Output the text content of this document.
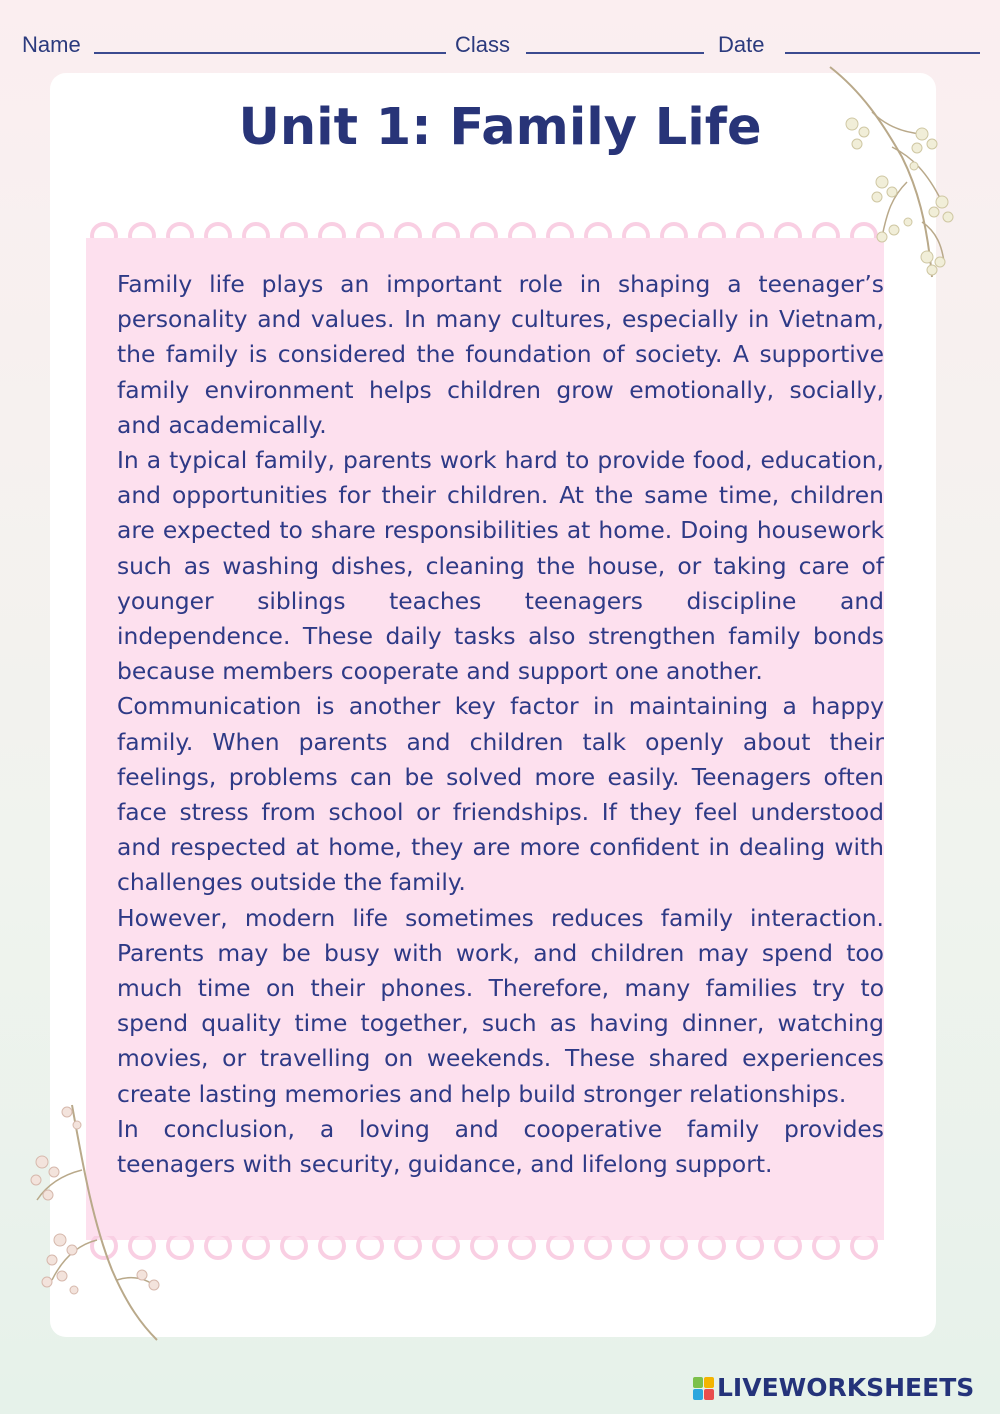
Name	Class	Date
Unit 1: Family Life

Family life plays an important role in shaping a teenager’s personality and values. In many cultures, especially in Vietnam, the family is considered the foundation of society. A supportive family environment helps children grow emotionally, socially, and academically.

In a typical family, parents work hard to provide food, education, and opportunities for their children. At the same time, children are expected to share responsibilities at home. Doing housework such as washing dishes, cleaning the house, or taking care of younger siblings teaches teenagers discipline and independence. These daily tasks also strengthen family bonds because members cooperate and support one another.

Communication is another key factor in maintaining a happy family. When parents and children talk openly about their feelings, problems can be solved more easily. Teenagers often face stress from school or friendships. If they feel understood and respected at home, they are more confident in dealing with challenges outside the family.

However, modern life sometimes reduces family interaction. Parents may be busy with work, and children may spend too much time on their phones. Therefore, many families try to spend quality time together, such as having dinner, watching movies, or travelling on weekends. These shared experiences create lasting memories and help build stronger relationships.

In conclusion, a loving and cooperative family provides teenagers with security, guidance, and lifelong support.

LIVEWORKSHEETS
